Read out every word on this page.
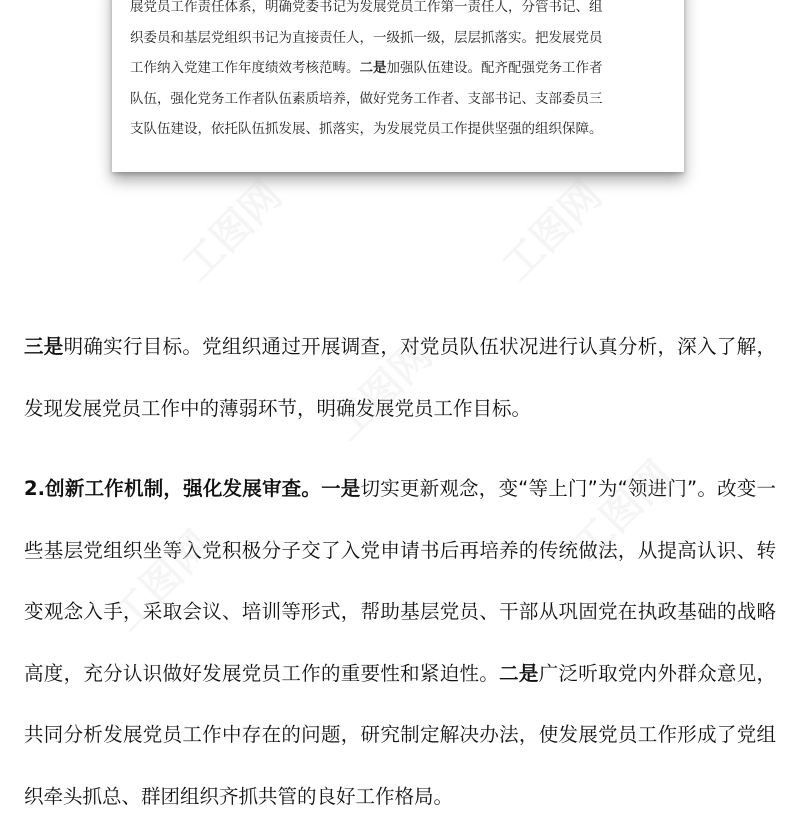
展党员工作责任体系，明确党委书记为发展党员工作第一责任人，分管书记、组
织委员和基层党组织书记为直接责任人，一级抓一级，层层抓落实。把发展党员
工作纳入党建工作年度绩效考核范畴。二是加强队伍建设。配齐配强党务工作者
队伍，强化党务工作者队伍素质培养，做好党务工作者、支部书记、支部委员三
支队伍建设，依托队伍抓发展、抓落实，为发展党员工作提供坚强的组织保障。
三是明确实行目标。党组织通过开展调查，对党员队伍状况进行认真分析，深入了解，发现发展党员工作中的薄弱环节，明确发展党员工作目标。
2.创新工作机制，强化发展审查。一是切实更新观念，变“等上门”为“领进门”。改变一些基层党组织坐等入党积极分子交了入党申请书后再培养的传统做法，从提高认识、转变观念入手，采取会议、培训等形式，帮助基层党员、干部从巩固党在执政基础的战略高度，充分认识做好发展党员工作的重要性和紧迫性。二是广泛听取党内外群众意见，共同分析发展党员工作中存在的问题，研究制定解决办法，使发展党员工作形成了党组织牵头抓总、群团组织齐抓共管的良好工作格局。
工图网	工图网
工图网
工图网
工图网
